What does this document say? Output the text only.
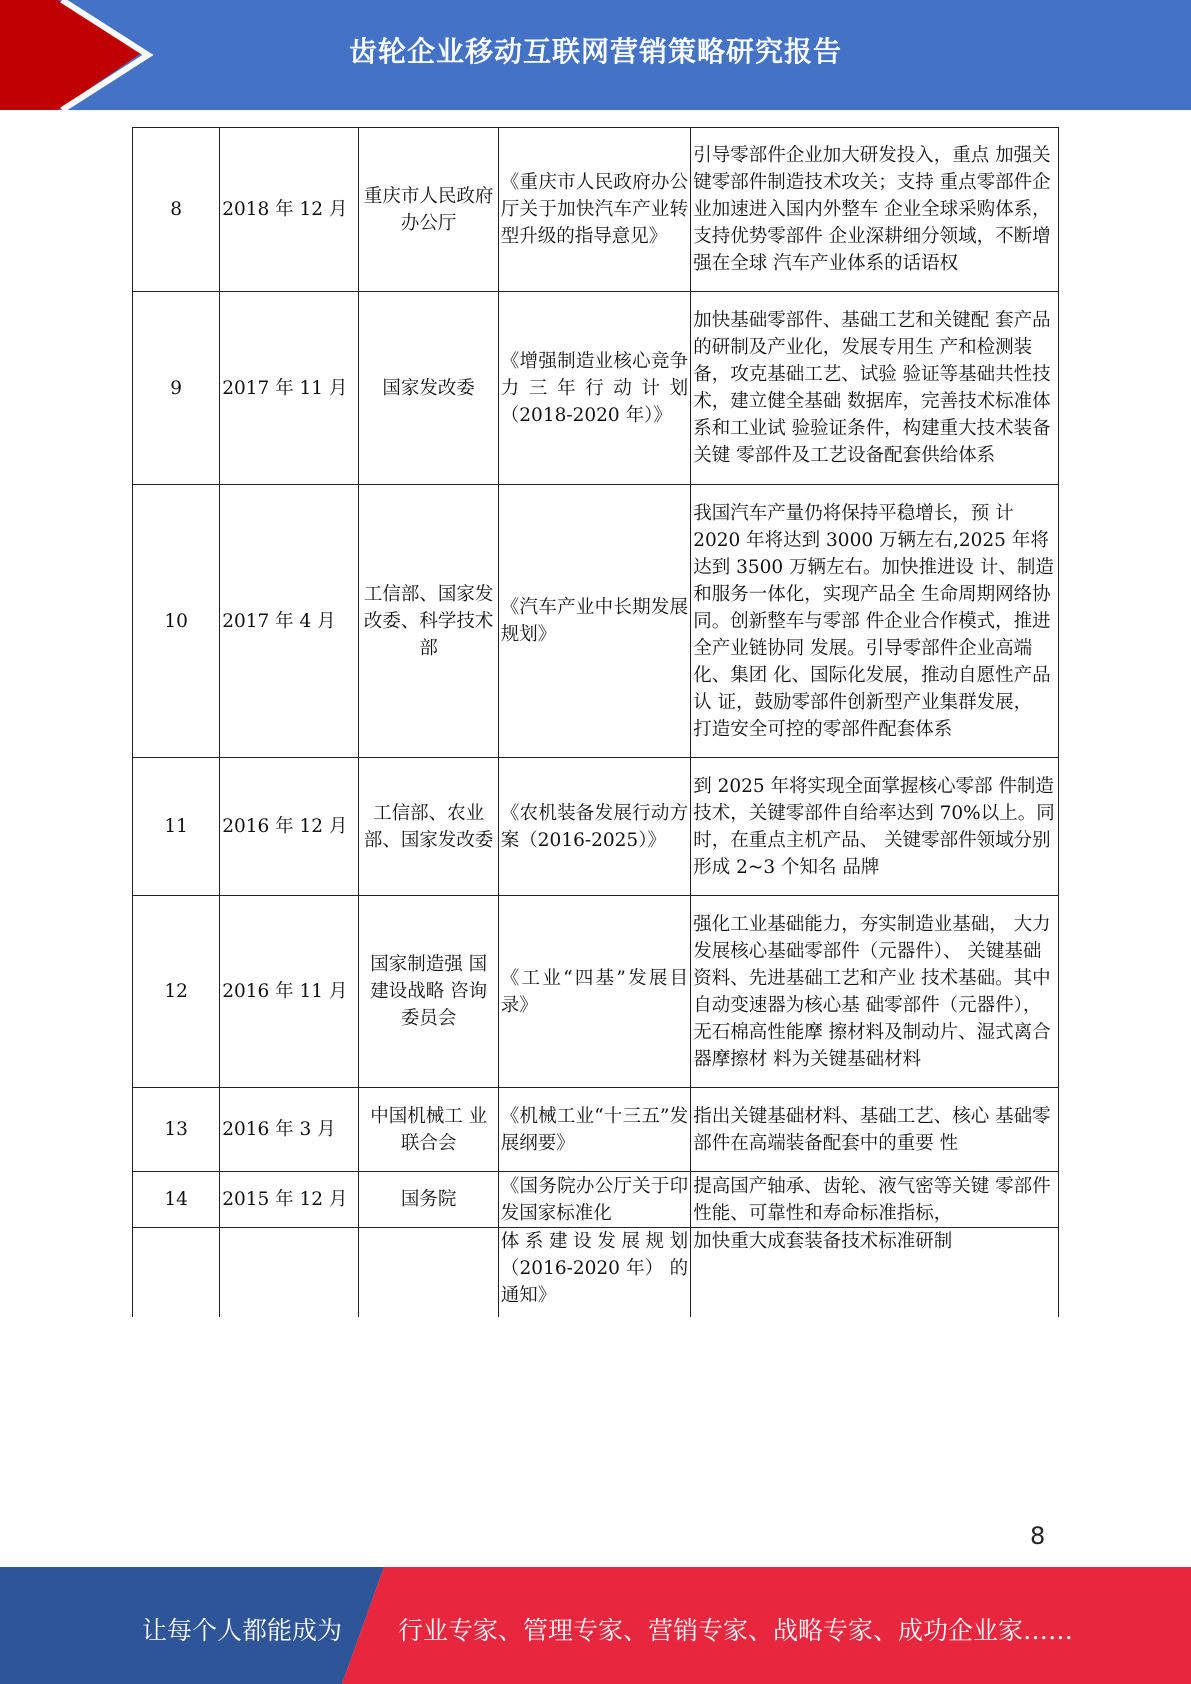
齿轮企业移动互联网营销策略研究报告
8	2018 年 12 月	重庆市人民政府办公厅	《重庆市人民政府办公厅关于加快汽车产业转型升级的指导意见》	引导零部件企业加大研发投入，重点 加强关键零部件制造技术攻关；支持 重点零部件企业加速进入国内外整车 企业全球采购体系，支持优势零部件 企业深耕细分领域，不断增强在全球 汽车产业体系的话语权
9	2017 年 11 月	国家发改委	《增强制造业核心竞争力三年行动计划（2018-2020 年）》	加快基础零部件、基础工艺和关键配 套产品的研制及产业化，发展专用生 产和检测装备，攻克基础工艺、试验 验证等基础共性技术，建立健全基础 数据库，完善技术标准体系和工业试 验验证条件，构建重大技术装备关键 零部件及工艺设备配套供给体系
10	2017 年 4 月	工信部、国家发改委、科学技术部	《汽车产业中长期发展规划》	我国汽车产量仍将保持平稳增长，预 计 2020 年将达到 3000 万辆左右,2025 年将达到 3500 万辆左右。加快推进设 计、制造和服务一体化，实现产品全 生命周期网络协同。创新整车与零部 件企业合作模式，推进全产业链协同 发展。引导零部件企业高端化、集团 化、国际化发展，推动自愿性产品认 证，鼓励零部件创新型产业集群发展， 打造安全可控的零部件配套体系
11	2016 年 12 月	工信部、农业部、国家发改委	《农机装备发展行动方案（2016-2025）》	到 2025 年将实现全面掌握核心零部 件制造技术，关键零部件自给率达到 70%以上。同时，在重点主机产品、 关键零部件领域分别形成 2~3 个知名 品牌
12	2016 年 11 月	国家制造强 国建设战略 咨询委员会	《工业“四基”发展目录》	强化工业基础能力，夯实制造业基础， 大力发展核心基础零部件（元器件）、 关键基础资料、先进基础工艺和产业 技术基础。其中自动变速器为核心基 础零部件（元器件），无石棉高性能摩 擦材料及制动片、湿式离合器摩擦材 料为关键基础材料
13	2016 年 3 月	中国机械工 业联合会	《机械工业“十三五”发展纲要》	指出关键基础材料、基础工艺、核心 基础零部件在高端装备配套中的重要 性
14	2015 年 12 月	国务院	《国务院办公厅关于印发国家标准化	提高国产轴承、齿轮、液气密等关键 零部件性能、可靠性和寿命标准指标，
			体系建设发展规划（2016-2020 年） 的通知》	加快重大成套装备技术标准研制
8
让每个人都能成为 行业专家、管理专家、营销专家、战略专家、成功企业家……
